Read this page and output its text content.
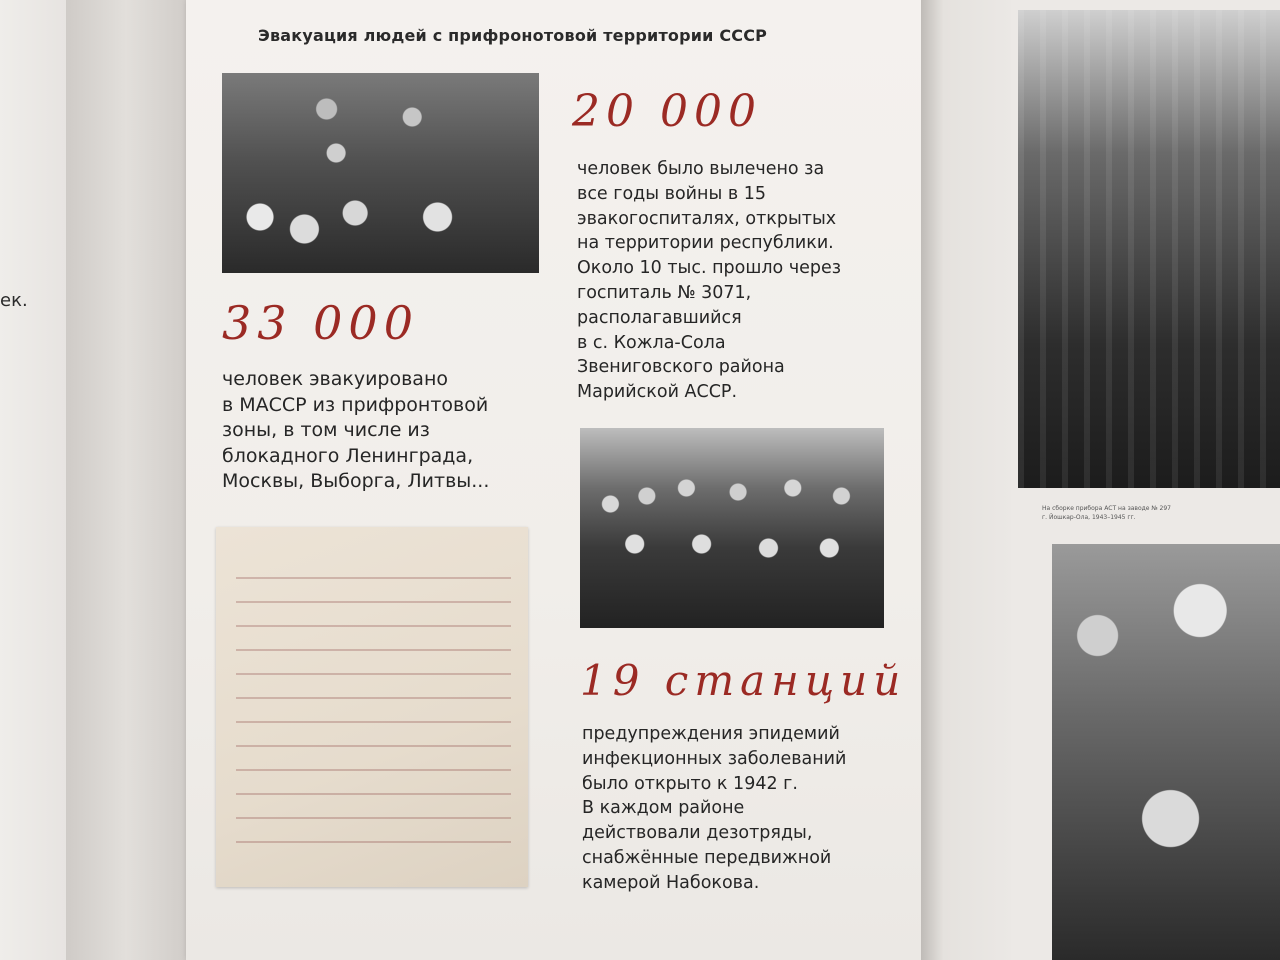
ек.
Эвакуация людей с прифронотовой территории СССР
20 000
человек было вылечено за
все годы войны в 15
эвакогоспиталях, открытых
на территории республики.
Около 10 тыс. прошло через
госпиталь № 3071,
располагавшийся
в с. Кожла-Сола
Звениговского района
Марийской АССР.
33 000
человек эвакуировано
в МАССР из прифронтовой
зоны, в том числе из
блокадного Ленинграда,
Москвы, Выборга, Литвы...
19 станций
предупреждения эпидемий
инфекционных заболеваний
было открыто к 1942 г.
В каждом районе
действовали дезотряды,
снабжённые передвижной
камерой Набокова.
На сборке прибора АСТ на заводе № 297
г. Йошкар-Ола, 1943–1945 гг.
